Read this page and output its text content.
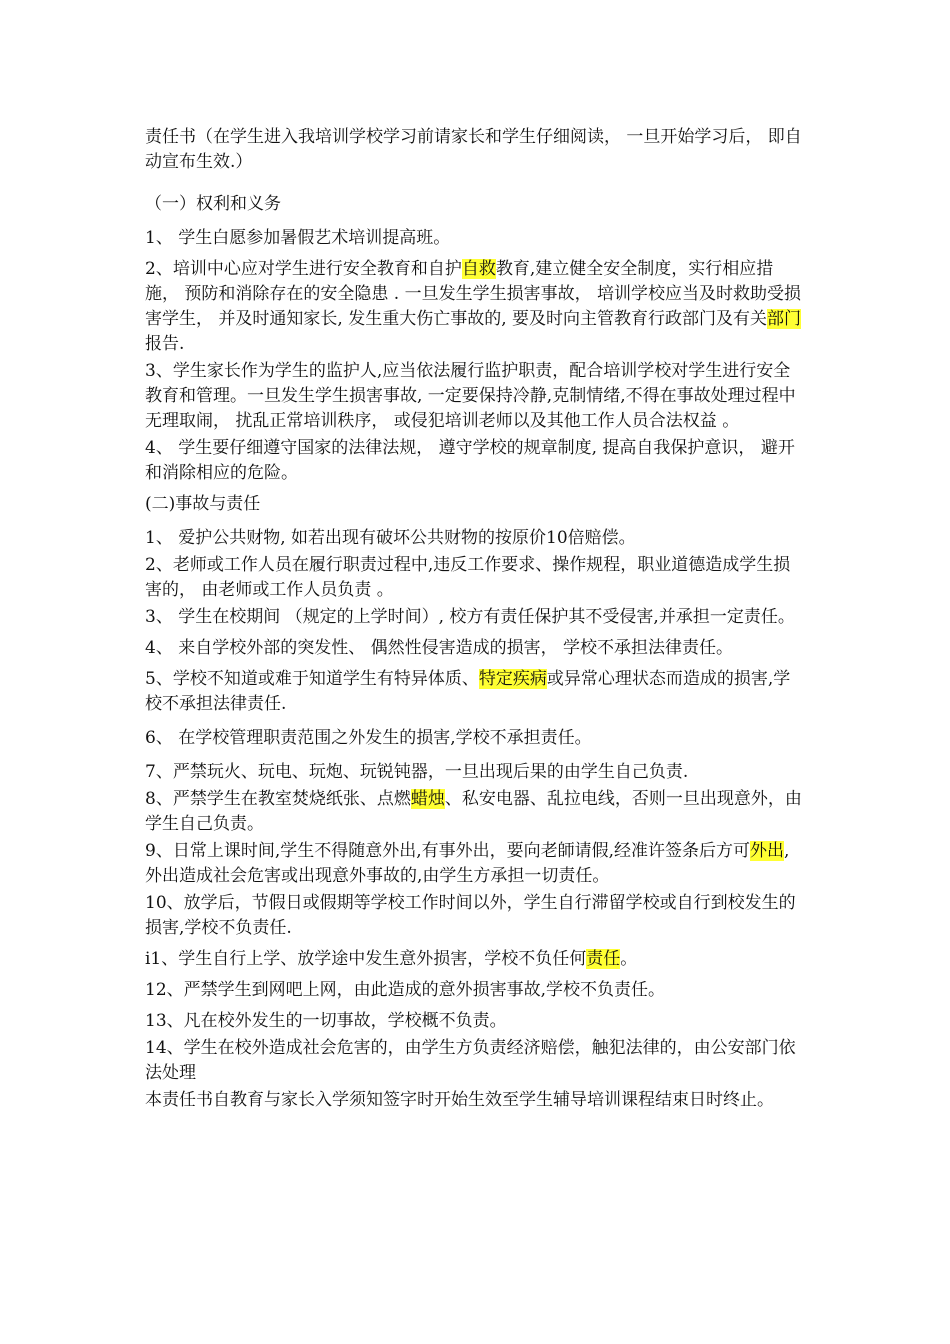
责任书（在学生进入我培训学校学习前请家长和学生仔细阅读， 一旦开始学习后， 即自动宣布生效.）

（一）权利和义务

1、 学生白愿参加暑假艺术培训提高班。

2、培训中心应对学生进行安全教育和自护自救教育,建立健全安全制度，实行相应措施， 预防和消除存在的安全隐患 . 一旦发生学生损害事故， 培训学校应当及时救助受损害学生， 并及时通知家长, 发生重大伤亡事故的, 要及时向主管教育行政部门及有关部门报告.

3、学生家长作为学生的监护人,应当依法履行监护职责，配合培训学校对学生进行安全教育和管理。一旦发生学生损害事故, 一定要保持冷静,克制情绪,不得在事故处理过程中无理取闹， 扰乱正常培训秩序， 或侵犯培训老师以及其他工作人员合法权益 。

4、 学生要仔细遵守国家的法律法规， 遵守学校的规章制度, 提高自我保护意识， 避开和消除相应的危险。

(二)事故与责任

1、 爱护公共财物, 如若出现有破坏公共财物的按原价10倍赔偿。

2、老师或工作人员在履行职责过程中,违反工作要求、操作规程，职业道德造成学生损害的， 由老师或工作人员负责 。

3、 学生在校期间 （规定的上学时间）, 校方有责任保护其不受侵害,并承担一定责任。

4、 来自学校外部的突发性、 偶然性侵害造成的损害， 学校不承担法律责任。

5、学校不知道或难于知道学生有特异体质、特定疾病或异常心理状态而造成的损害,学校不承担法律责任.

6、 在学校管理职责范围之外发生的损害,学校不承担责任。

7、严禁玩火、玩电、玩炮、玩锐钝器，一旦出现后果的由学生自己负责.

8、严禁学生在教室焚烧纸张、点燃蜡烛、私安电器、乱拉电线，否则一旦出现意外，由学生自己负责。

9、日常上课时间,学生不得随意外出,有事外出，要向老師请假,经准许签条后方可外出,外出造成社会危害或出现意外事故的,由学生方承担一切责任。

10、放学后，节假日或假期等学校工作时间以外，学生自行滞留学校或自行到校发生的损害,学校不负责任.

i1、学生自行上学、放学途中发生意外损害，学校不负任何责任。

12、严禁学生到网吧上网，由此造成的意外损害事故,学校不负责任。

13、凡在校外发生的一切事故，学校概不负责。

14、学生在校外造成社会危害的，由学生方负责经济赔偿，触犯法律的，由公安部门依法处理

本责任书自教育与家长入学须知签字时开始生效至学生辅导培训课程结束日时终止。
